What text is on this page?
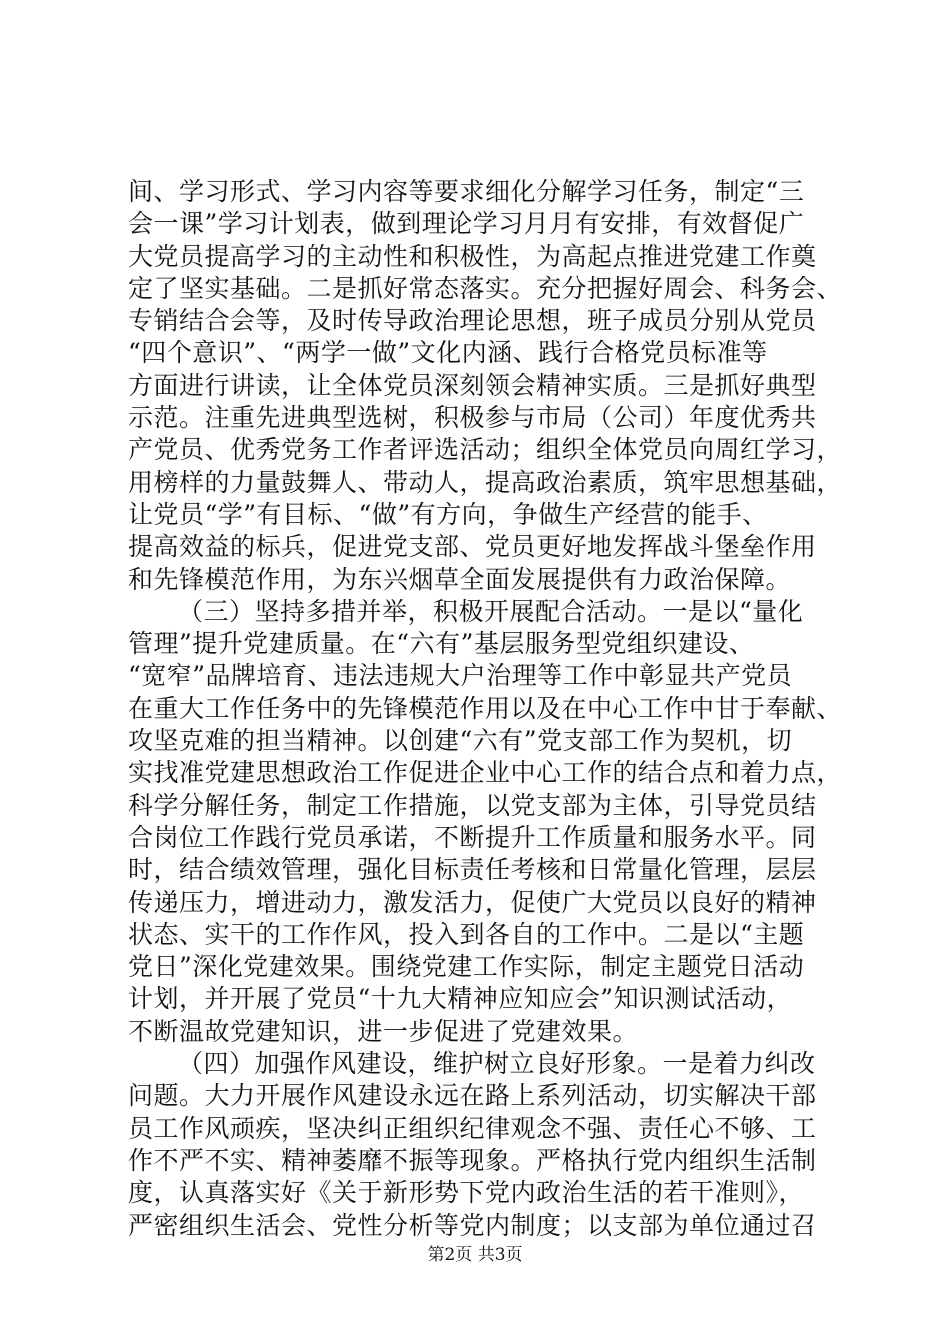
间、学习形式、学习内容等要求细化分解学习任务，制定“三
会一课”学习计划表，做到理论学习月月有安排，有效督促广
大党员提高学习的主动性和积极性，为高起点推进党建工作奠
定了坚实基础。二是抓好常态落实。充分把握好周会、科务会、
专销结合会等，及时传导政治理论思想，班子成员分别从党员
“四个意识”、“两学一做”文化内涵、践行合格党员标准等
方面进行讲读，让全体党员深刻领会精神实质。三是抓好典型
示范。注重先进典型选树，积极参与市局（公司）年度优秀共
产党员、优秀党务工作者评选活动；组织全体党员向周红学习，
用榜样的力量鼓舞人、带动人，提高政治素质，筑牢思想基础，
让党员“学”有目标、“做”有方向，争做生产经营的能手、
提高效益的标兵，促进党支部、党员更好地发挥战斗堡垒作用
和先锋模范作用，为东兴烟草全面发展提供有力政治保障。
（三）坚持多措并举，积极开展配合活动。一是以“量化
管理”提升党建质量。在“六有”基层服务型党组织建设、
“宽窄”品牌培育、违法违规大户治理等工作中彰显共产党员
在重大工作任务中的先锋模范作用以及在中心工作中甘于奉献、
攻坚克难的担当精神。以创建“六有”党支部工作为契机，切
实找准党建思想政治工作促进企业中心工作的结合点和着力点，
科学分解任务，制定工作措施，以党支部为主体，引导党员结
合岗位工作践行党员承诺，不断提升工作质量和服务水平。同
时，结合绩效管理，强化目标责任考核和日常量化管理，层层
传递压力，增进动力，激发活力，促使广大党员以良好的精神
状态、实干的工作作风，投入到各自的工作中。二是以“主题
党日”深化党建效果。围绕党建工作实际，制定主题党日活动
计划，并开展了党员“十九大精神应知应会”知识测试活动，
不断温故党建知识，进一步促进了党建效果。
（四）加强作风建设，维护树立良好形象。一是着力纠改
问题。大力开展作风建设永远在路上系列活动，切实解决干部
员工作风顽疾，坚决纠正组织纪律观念不强、责任心不够、工
作不严不实、精神萎靡不振等现象。严格执行党内组织生活制
度，认真落实好《关于新形势下党内政治生活的若干准则》，
严密组织生活会、党性分析等党内制度；以支部为单位通过召
第2页 共3页
